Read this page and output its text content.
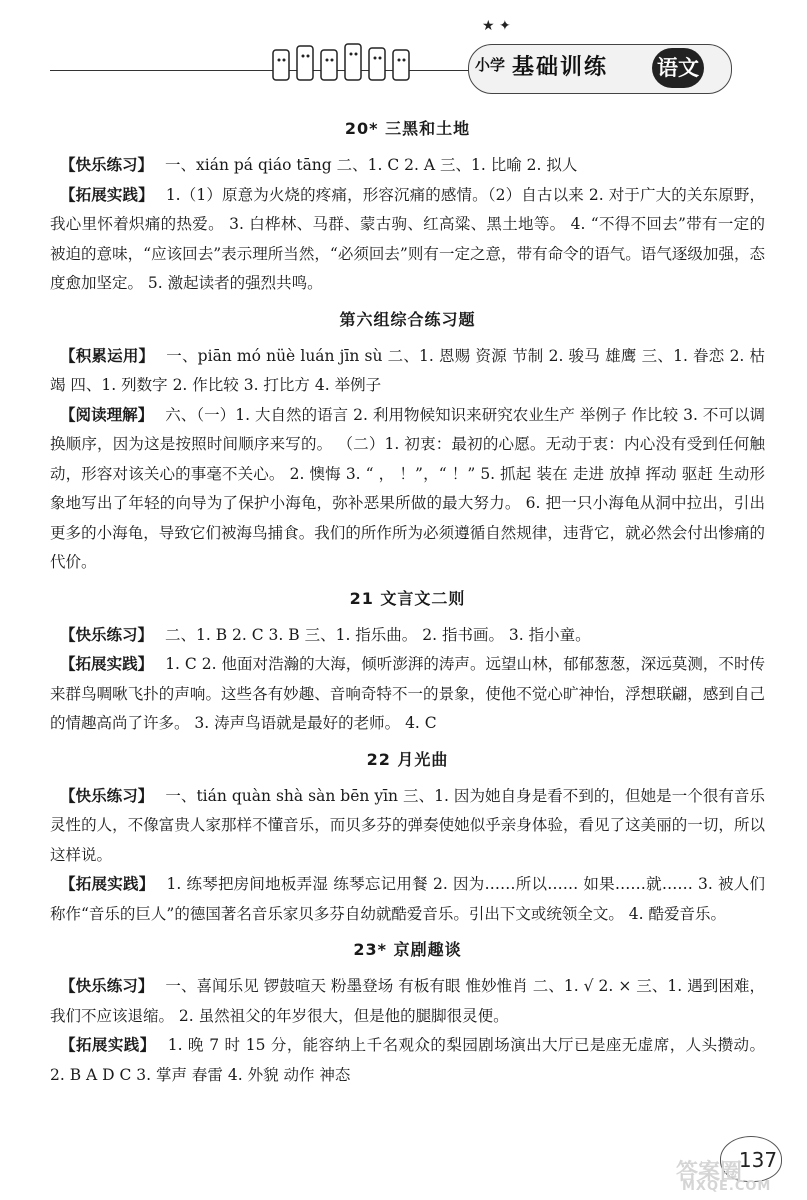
★ ✦
小学 基础训练 语文
20* 三黑和土地

【快乐练习】 一、xián pá qiáo tāng 二、1. C 2. A 三、1. 比喻 2. 拟人

【拓展实践】 1.（1）原意为火烧的疼痛，形容沉痛的感情。（2）自古以来 2. 对于广大的关东原野，我心里怀着炽痛的热爱。 3. 白桦林、马群、蒙古驹、红高粱、黑土地等。 4. “不得不回去”带有一定的被迫的意味，“应该回去”表示理所当然，“必须回去”则有一定之意，带有命令的语气。语气逐级加强，态度愈加坚定。 5. 激起读者的强烈共鸣。

第六组综合练习题

【积累运用】 一、piān mó nüè luán jīn sù 二、1. 恩赐 资源 节制 2. 骏马 雄鹰 三、1. 眷恋 2. 枯竭 四、1. 列数字 2. 作比较 3. 打比方 4. 举例子

【阅读理解】 六、（一）1. 大自然的语言 2. 利用物候知识来研究农业生产 举例子 作比较 3. 不可以调换顺序，因为这是按照时间顺序来写的。 （二）1. 初衷：最初的心愿。无动于衷：内心没有受到任何触动，形容对该关心的事毫不关心。 2. 懊悔 3. “ ， ！”，“ ！” 5. 抓起 装在 走进 放掉 挥动 驱赶 生动形象地写出了年轻的向导为了保护小海龟，弥补恶果所做的最大努力。 6. 把一只小海龟从洞中拉出，引出更多的小海龟，导致它们被海鸟捕食。我们的所作所为必须遵循自然规律，违背它，就必然会付出惨痛的代价。

21 文言文二则

【快乐练习】 二、1. B 2. C 3. B 三、1. 指乐曲。 2. 指书画。 3. 指小童。

【拓展实践】 1. C 2. 他面对浩瀚的大海，倾听澎湃的涛声。远望山林，郁郁葱葱，深远莫测，不时传来群鸟啁啾飞扑的声响。这些各有妙趣、音响奇特不一的景象，使他不觉心旷神怡，浮想联翩，感到自己的情趣高尚了许多。 3. 涛声鸟语就是最好的老师。 4. C

22 月光曲

【快乐练习】 一、tián quàn shà sàn bēn yīn 三、1. 因为她自身是看不到的，但她是一个很有音乐灵性的人，不像富贵人家那样不懂音乐，而贝多芬的弹奏使她似乎亲身体验，看见了这美丽的一切，所以这样说。

【拓展实践】 1. 练琴把房间地板弄湿 练琴忘记用餐 2. 因为……所以…… 如果……就…… 3. 被人们称作“音乐的巨人”的德国著名音乐家贝多芬自幼就酷爱音乐。引出下文或统领全文。 4. 酷爱音乐。

23* 京剧趣谈

【快乐练习】 一、喜闻乐见 锣鼓喧天 粉墨登场 有板有眼 惟妙惟肖 二、1. √ 2. × 三、1. 遇到困难，我们不应该退缩。 2. 虽然祖父的年岁很大，但是他的腿脚很灵便。

【拓展实践】 1. 晚 7 时 15 分，能容纳上千名观众的梨园剧场演出大厅已是座无虚席，人头攒动。 2. B A D C 3. 掌声 春雷 4. 外貌 动作 神态

137
答案圈
MXQE.COM
